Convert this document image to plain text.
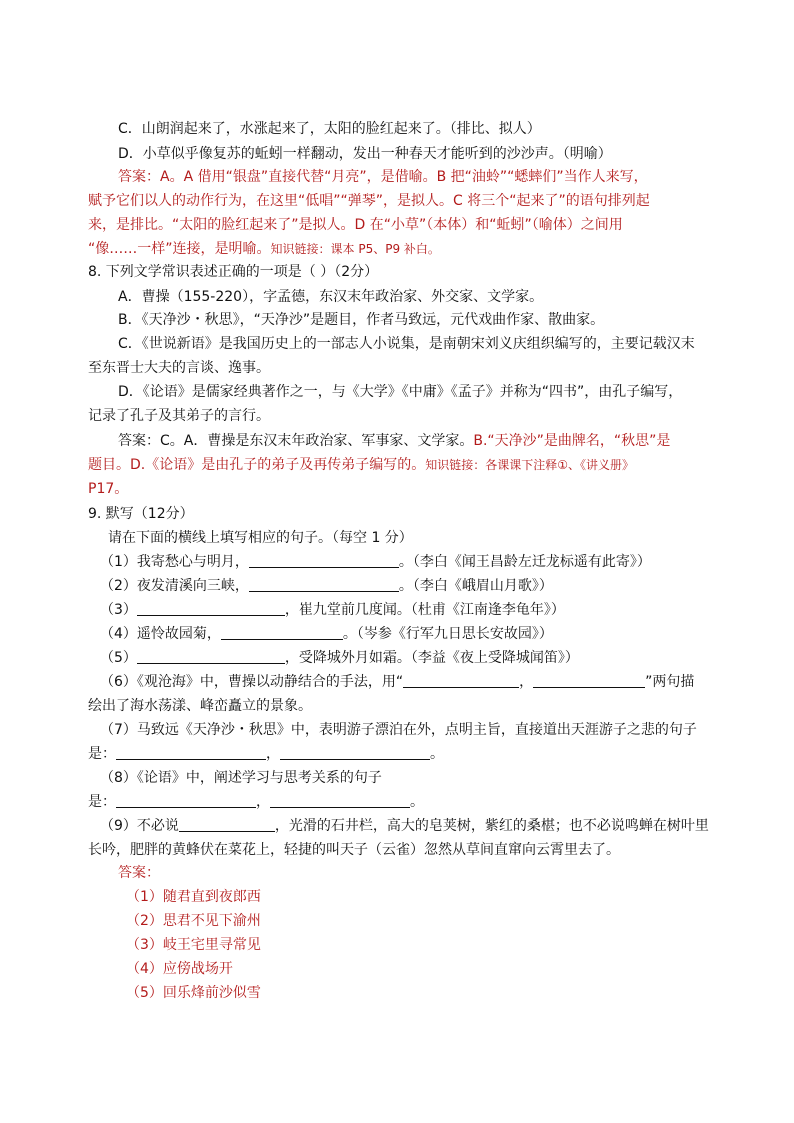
C．山朗润起来了，水涨起来了，太阳的脸红起来了。（排比、拟人）
D．小草似乎像复苏的蚯蚓一样翻动，发出一种春天才能听到的沙沙声。（明喻）
答案：A。A 借用“银盘”直接代替“月亮”，是借喻。B 把“油蛉”“蟋蟀们”当作人来写，
赋予它们以人的动作行为，在这里“低唱”“弹琴”，是拟人。C 将三个“起来了”的语句排列起
来，是排比。“太阳的脸红起来了”是拟人。D 在“小草”（本体）和“蚯蚓”（喻体）之间用
“像……一样”连接，是明喻。知识链接：课本 P5、P9 补白。
8. 下列文学常识表述正确的一项是（ ）（2分）
A．曹操（155-220），字孟德，东汉末年政治家、外交家、文学家。
B．《天净沙・秋思》，“天净沙”是题目，作者马致远，元代戏曲作家、散曲家。
C．《世说新语》是我国历史上的一部志人小说集，是南朝宋刘义庆组织编写的，主要记载汉末
至东晋士大夫的言谈、逸事。
D．《论语》是儒家经典著作之一，与《大学》《中庸》《孟子》并称为“四书”，由孔子编写，
记录了孔子及其弟子的言行。
答案：C。A．曹操是东汉末年政治家、军事家、文学家。B.“天净沙”是曲牌名，“秋思”是
题目。D.《论语》是由孔子的弟子及再传弟子编写的。知识链接：各课课下注释①、《讲义册》
P17。
9. 默写（12分）
请在下面的横线上填写相应的句子。（每空 1 分）
（1）我寄愁心与明月，	。（李白《闻王昌龄左迁龙标遥有此寄》）
（2）夜发清溪向三峡，	。（李白《峨眉山月歌》）
（3）	，崔九堂前几度闻。（杜甫《江南逢李龟年》）
（4）遥怜故园菊，	。（岑参《行军九日思长安故园》）
（5）	，受降城外月如霜。（李益《夜上受降城闻笛》）
（6）《观沧海》中，曹操以动静结合的手法，用“	，	”两句描
绘出了海水荡漾、峰峦矗立的景象。
（7）马致远《天净沙・秋思》中，表明游子漂泊在外，点明主旨，直接道出天涯游子之悲的句子
是：	，	。
（8）《论语》中，阐述学习与思考关系的句子
是：	，	。
（9）不必说	，光滑的石井栏，高大的皂荚树，紫红的桑椹；也不必说鸣蝉在树叶里
长吟，肥胖的黄蜂伏在菜花上，轻捷的叫天子（云雀）忽然从草间直窜向云霄里去了。
答案：
（1）随君直到夜郎西
（2）思君不见下渝州
（3）岐王宅里寻常见
（4）应傍战场开
（5）回乐烽前沙似雪
